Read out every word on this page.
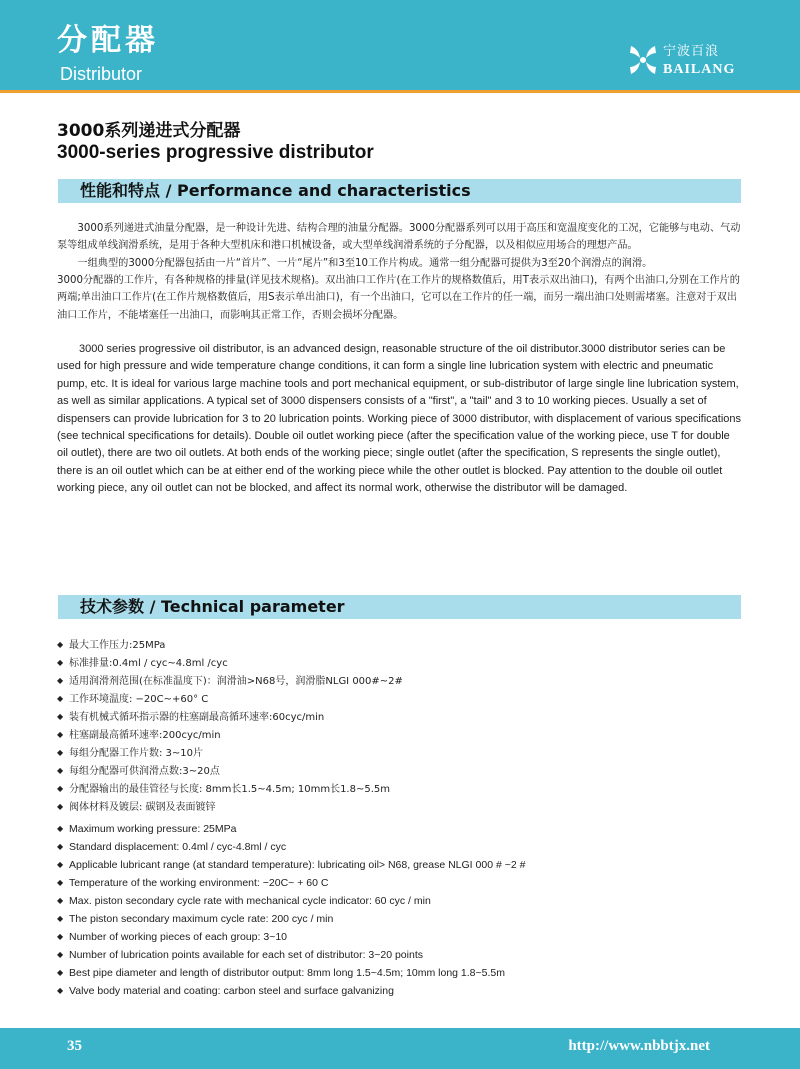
分配器
Distributor
宁波百浪
BAILANG
3000系列递进式分配器
3000-series progressive distributor
性能和特点 / Performance and characteristics

3000系列递进式油量分配器，是一种设计先进、结构合理的油量分配器。3000分配器系列可以用于高压和宽温度变化的工况，它能够与电动、气动泵等组成单线润滑系统，是用于各种大型机床和港口机械设备，或大型单线润滑系统的子分配器，以及相似应用场合的理想产品。

一组典型的3000分配器包括由一片“首片”、一片“尾片”和3至10工作片构成。通常一组分配器可提供为3至20个润滑点的润滑。

3000分配器的工作片，有各种规格的排量(详见技术规格)。双出油口工作片(在工作片的规格数值后，用T表示双出油口)，有两个出油口,分别在工作片的两端;单出油口工作片(在工作片规格数值后，用S表示单出油口)，有一个出油口，它可以在工作片的任一端，而另一端出油口处则需堵塞。注意对于双出油口工作片，不能堵塞任一出油口，而影响其正常工作，否则会损坏分配器。

3000 series progressive oil distributor, is an advanced design, reasonable structure of the oil distributor.3000 distributor series can be used for high pressure and wide temperature change conditions, it can form a single line lubrication system with electric and pneumatic pump, etc. It is ideal for various large machine tools and port mechanical equipment, or sub-distributor of large single line lubrication system, as well as similar applications. A typical set of 3000 dispensers consists of a "first", a "tail" and 3 to 10 working pieces. Usually a set of dispensers can provide lubrication for 3 to 20 lubrication points. Working piece of 3000 distributor, with displacement of various specifications (see technical specifications for details). Double oil outlet working piece (after the specification value of the working piece, use T for double oil outlet), there are two oil outlets. At both ends of the working piece; single outlet (after the specification, S represents the single outlet), there is an oil outlet which can be at either end of the working piece while the other outlet is blocked. Pay attention to the double oil outlet working piece, any oil outlet can not be blocked, and affect its normal work, otherwise the distributor will be damaged.

技术参数 / Technical parameter
◆ 最大工作压力:25MPa
◆ 标准排量:0.4ml / cyc~4.8ml /cyc
◆ 适用润滑剂范围(在标准温度下)：润滑油>N68号，润滑脂NLGI 000#~2#
◆ 工作环境温度: −20C~+60° C
◆ 装有机械式循环指示器的柱塞副最高循环速率:60cyc/min
◆ 柱塞副最高循环速率:200cyc/min
◆ 每组分配器工作片数: 3~10片
◆ 每组分配器可供润滑点数:3~20点
◆ 分配器输出的最佳管径与长度: 8mm长1.5~4.5m; 10mm长1.8~5.5m
◆ 阀体材料及镀层: 碳钢及表面镀锌
◆ Maximum working pressure: 25MPa
◆ Standard displacement: 0.4ml / cyc-4.8ml / cyc
◆ Applicable lubricant range (at standard temperature): lubricating oil> N68, grease NLGI 000 # ~2 #
◆ Temperature of the working environment: −20C~ + 60 C
◆ Max. piston secondary cycle rate with mechanical cycle indicator: 60 cyc / min
◆ The piston secondary maximum cycle rate: 200 cyc / min
◆ Number of working pieces of each group: 3~10
◆ Number of lubrication points available for each set of distributor: 3~20 points
◆ Best pipe diameter and length of distributor output: 8mm long 1.5~4.5m; 10mm long 1.8~5.5m
◆ Valve body material and coating: carbon steel and surface galvanizing
35	http://www.nbbtjx.net
